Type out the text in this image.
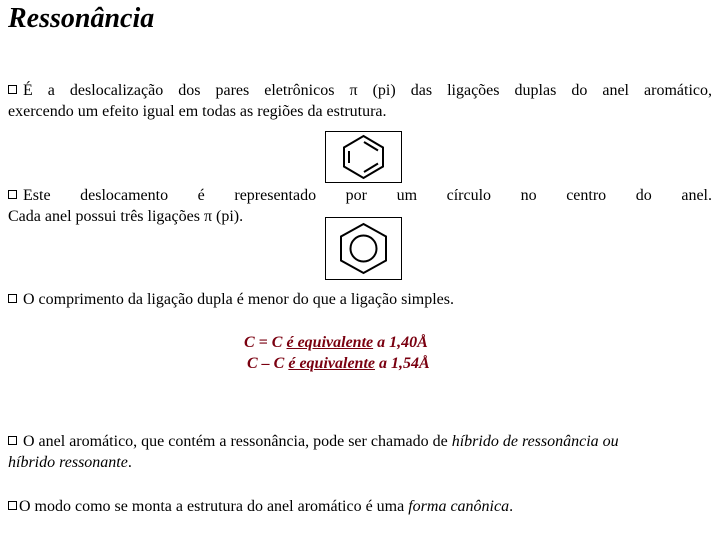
Ressonância
É a deslocalização dos pares eletrônicos π (pi) das ligações duplas do anel aromático,
exercendo um efeito igual em todas as regiões da estrutura.
Este deslocamento é representado por um círculo no centro do anel.
Cada anel possui três ligações π (pi).
O comprimento da ligação dupla é menor do que a ligação simples.
C = C é equivalente a 1,40Å
C – C é equivalente a 1,54Å
O anel aromático, que contém a ressonância, pode ser chamado de híbrido de ressonância ou
híbrido ressonante.
O modo como se monta a estrutura do anel aromático é uma forma canônica.
